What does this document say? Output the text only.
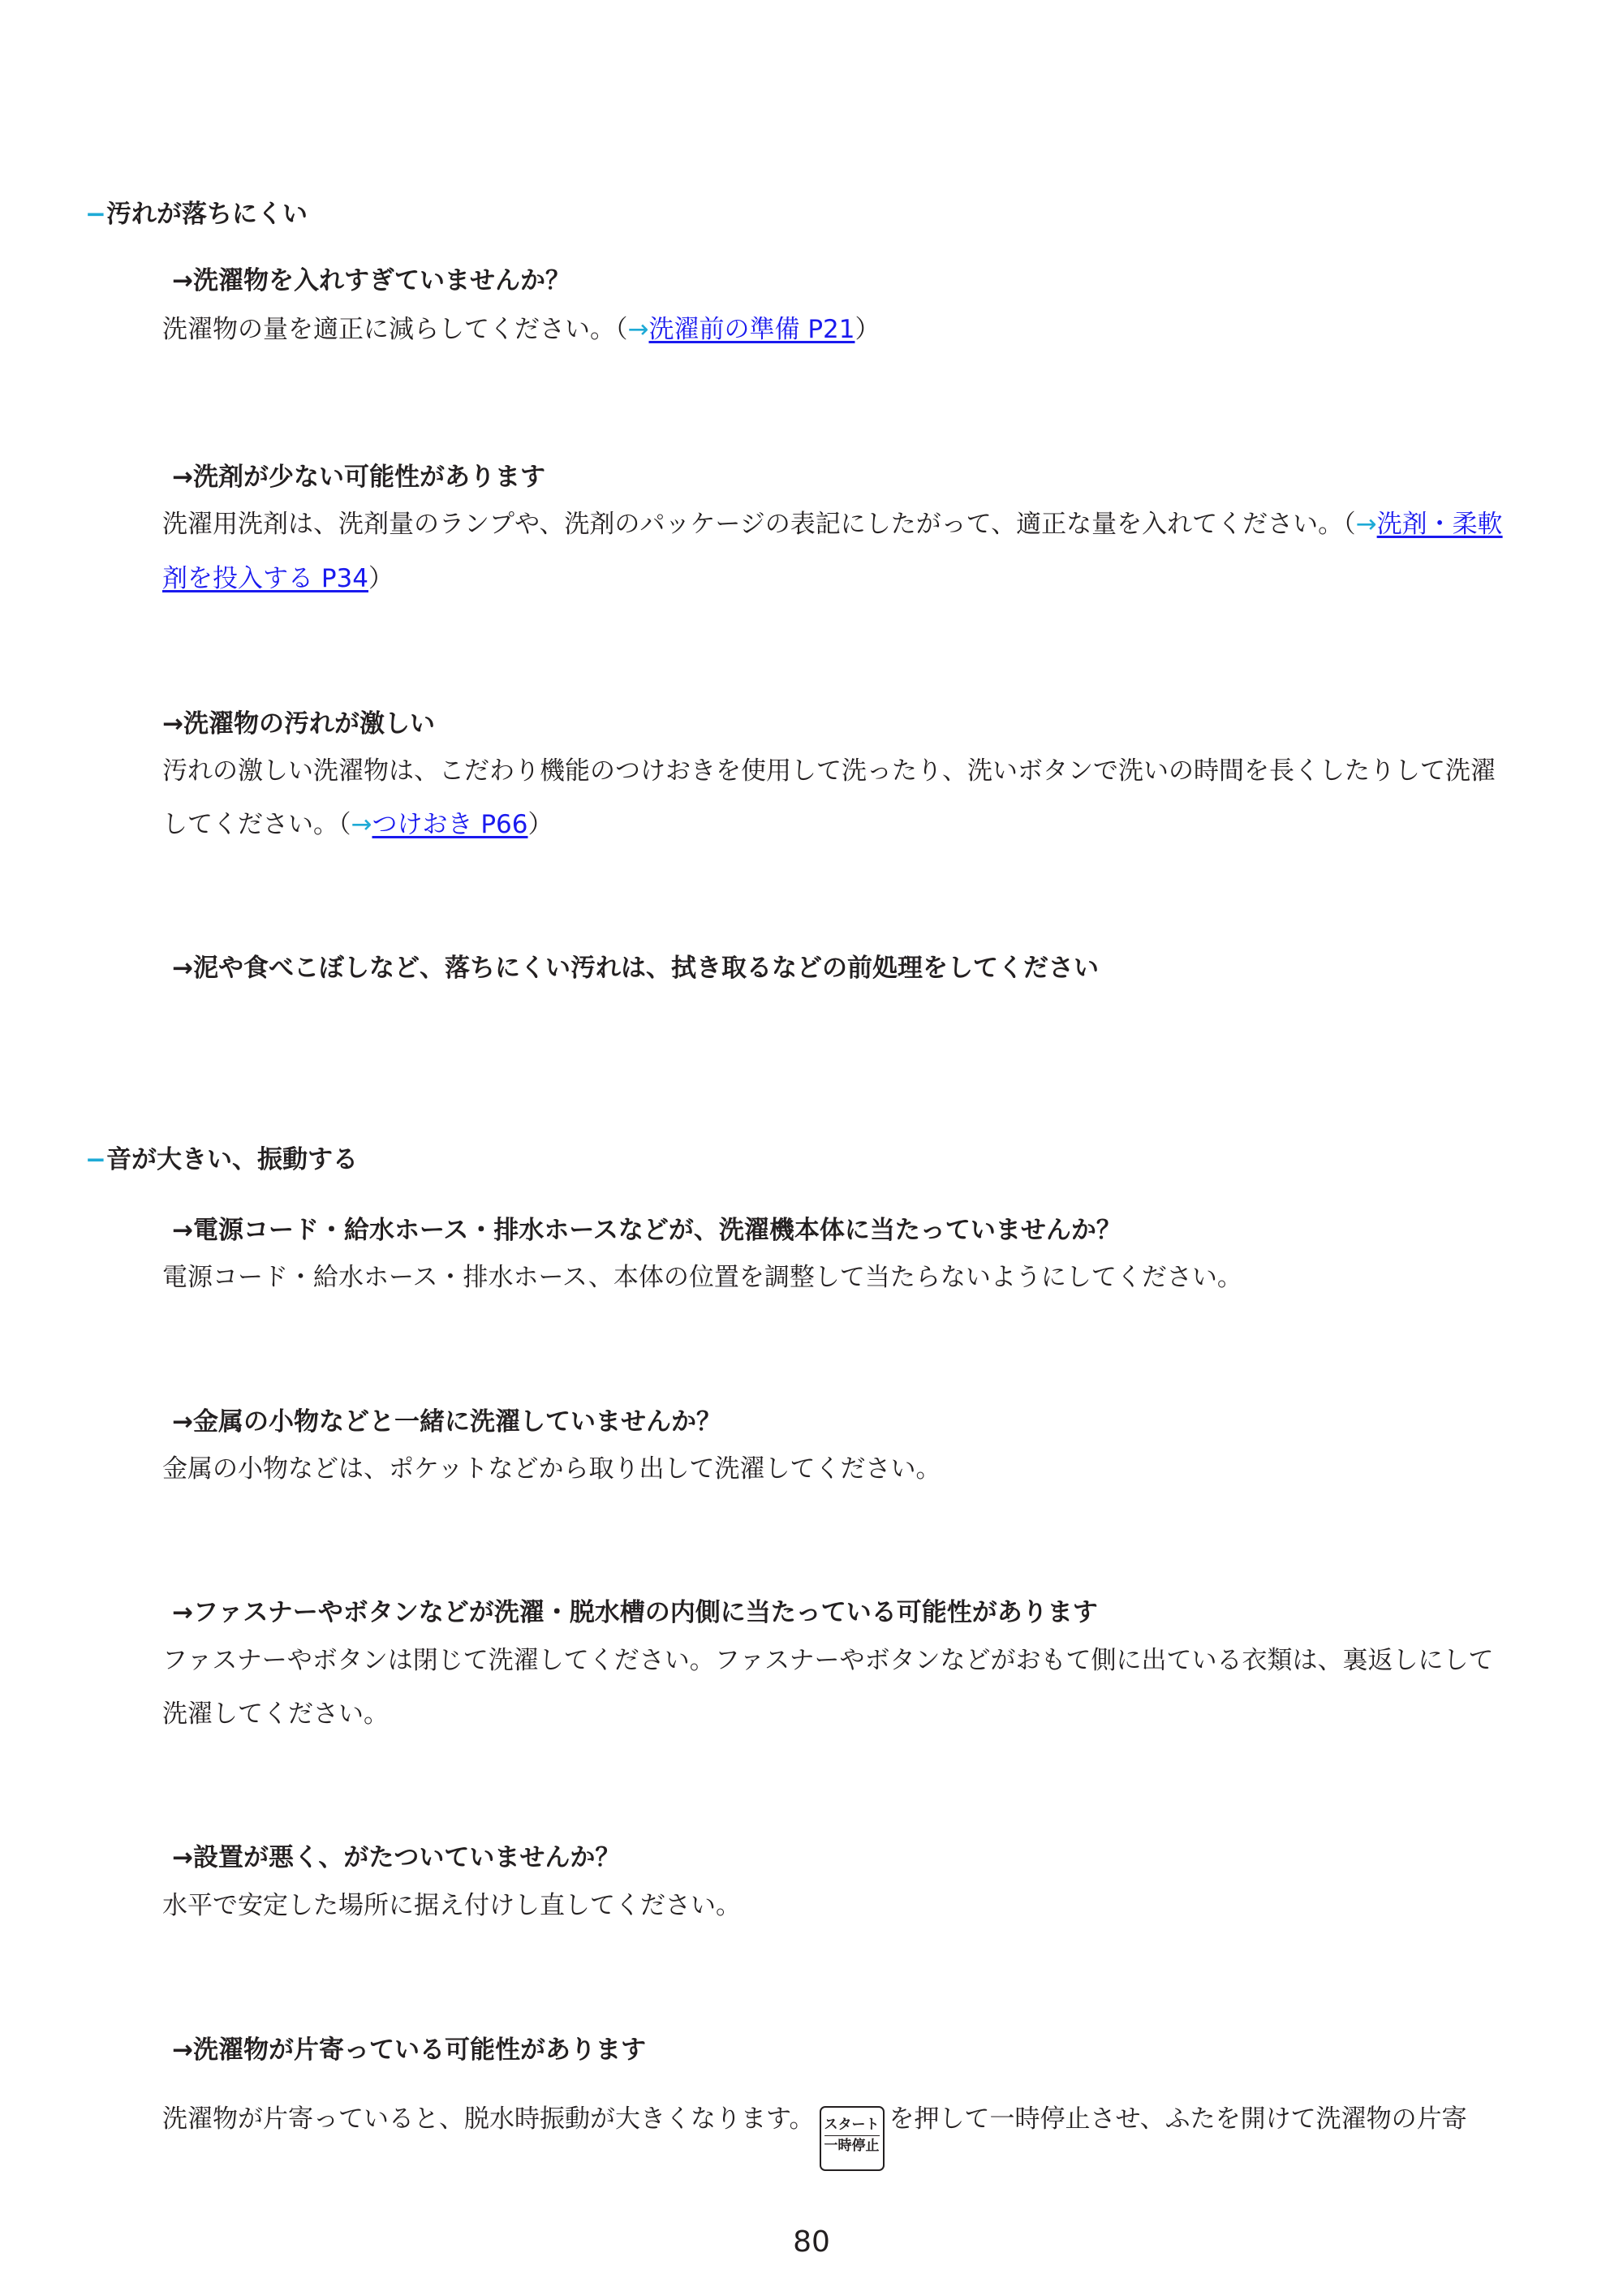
−汚れが落ちにくい
→洗濯物を入れすぎていませんか？
洗濯物の量を適正に減らしてください。（→洗濯前の準備 P21）
→洗剤が少ない可能性があります
洗濯用洗剤は、洗剤量のランプや、洗剤のパッケージの表記にしたがって、適正な量を入れてください。（→洗剤・柔軟
剤を投入する P34）
→洗濯物の汚れが激しい
汚れの激しい洗濯物は、こだわり機能のつけおきを使用して洗ったり、洗いボタンで洗いの時間を長くしたりして洗濯
してください。（→つけおき P66）
→泥や食べこぼしなど、落ちにくい汚れは、拭き取るなどの前処理をしてください
−音が大きい、振動する
→電源コード・給水ホース・排水ホースなどが、洗濯機本体に当たっていませんか？
電源コード・給水ホース・排水ホース、本体の位置を調整して当たらないようにしてください。
→金属の小物などと一緒に洗濯していませんか？
金属の小物などは、ポケットなどから取り出して洗濯してください。
→ファスナーやボタンなどが洗濯・脱水槽の内側に当たっている可能性があります
ファスナーやボタンは閉じて洗濯してください。ファスナーやボタンなどがおもて側に出ている衣類は、裏返しにして
洗濯してください。
→設置が悪く、がたついていませんか？
水平で安定した場所に据え付けし直してください。
→洗濯物が片寄っている可能性があります
洗濯物が片寄っていると、脱水時振動が大きくなります。 スタート
一時停止を押して一時停止させ、ふたを開けて洗濯物の片寄
80
